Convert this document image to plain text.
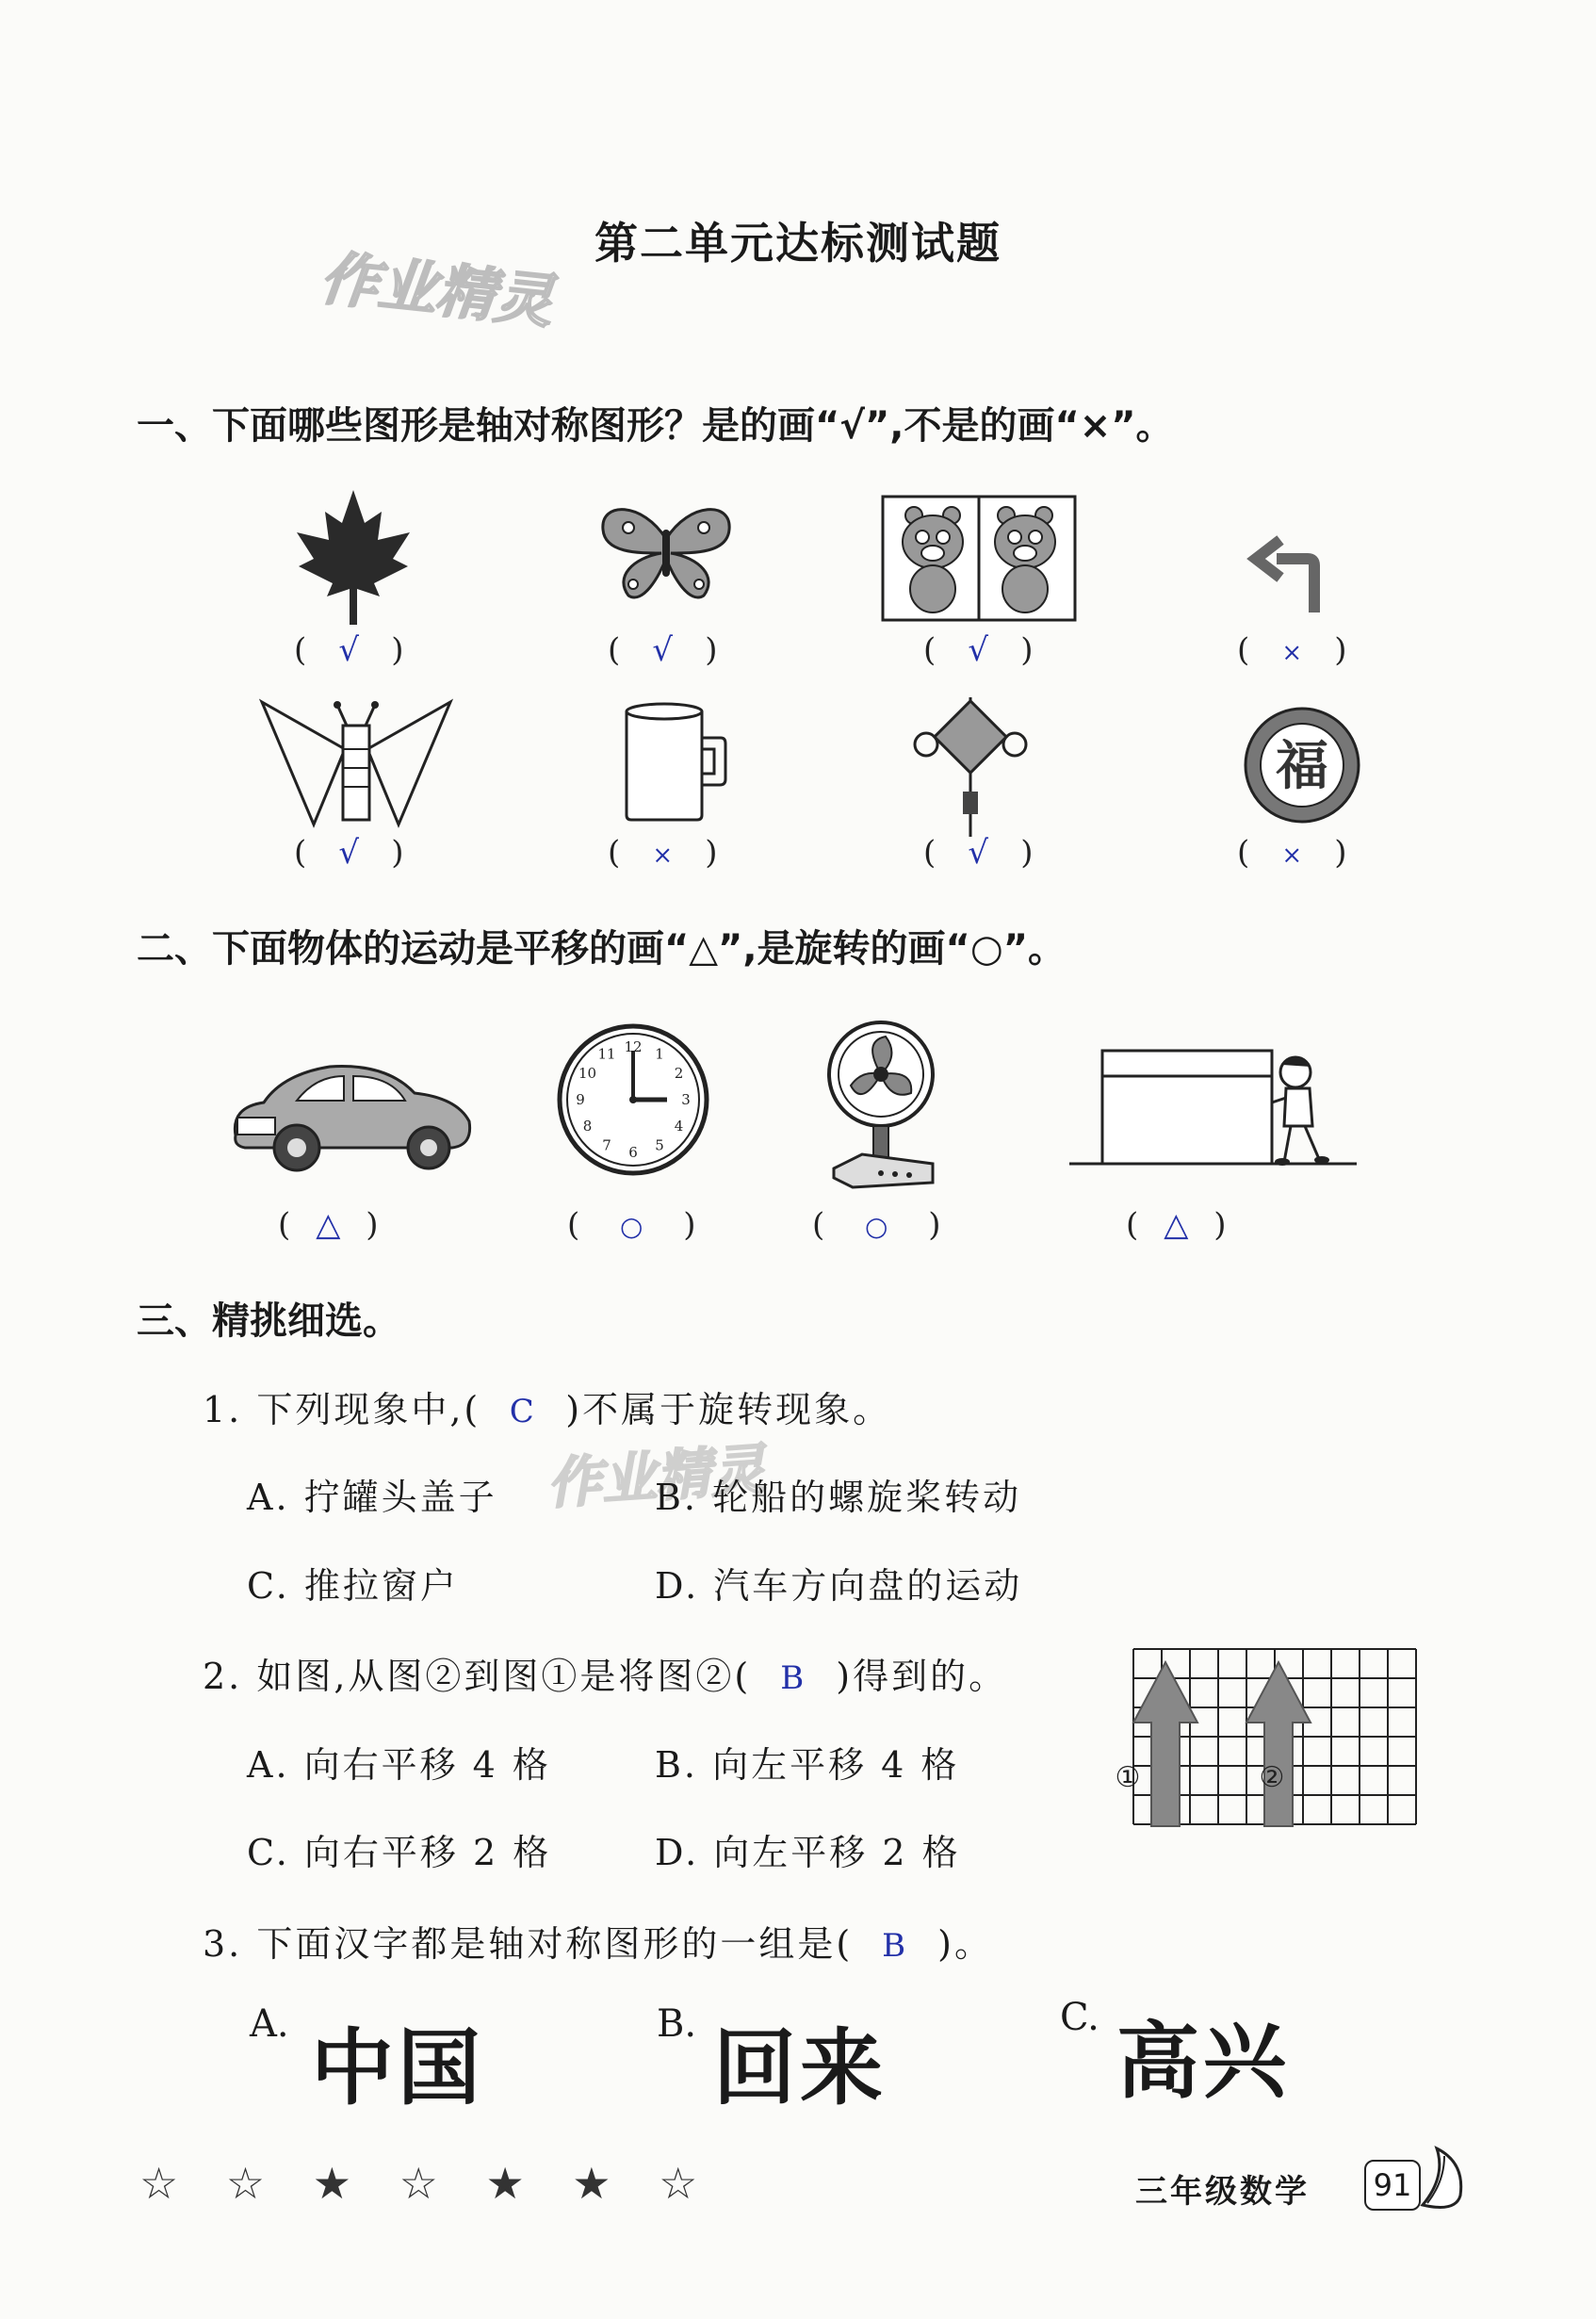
第二单元达标测试题
作业精灵
作业精灵
一、下面哪些图形是轴对称图形？是的画“√”,不是的画“×”。
( √ )	( √ )	( √ )	( × )
福
( √ )	( × )	( √ )	( × )
二、下面物体的运动是平移的画“△”,是旋转的画“○”。
12 1
2
3
4
5
6
7
8
9
10
11
( △ )	( ○ )	( ○ )	( △ )
三、精挑细选。
1. 下列现象中,( C )不属于旋转现象。
A. 拧罐头盖子	B. 轮船的螺旋桨转动
C. 推拉窗户	D. 汽车方向盘的运动
2. 如图,从图②到图①是将图②( B )得到的。
A. 向右平移 4 格	B. 向左平移 4 格
C. 向右平移 2 格	D. 向左平移 2 格
①	②
3. 下面汉字都是轴对称图形的一组是( B )。
A. 中国	B. 回来
C. 高兴
☆ ☆ ★ ☆ ★ ★ ☆	三年级数学	91
